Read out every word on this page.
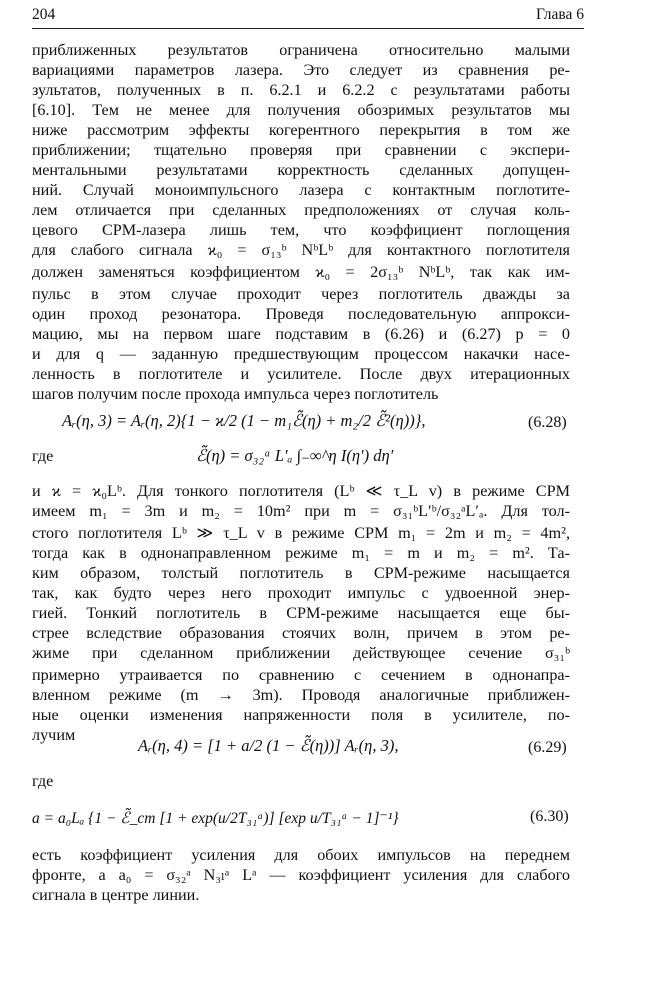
204	Глава 6
приближенных результатов ограничена относительно малыми
вариациями параметров лазера. Это следует из сравнения ре-
зультатов, полученных в п. 6.2.1 и 6.2.2 с результатами работы
[6.10]. Тем не менее для получения обозримых результатов мы
ниже рассмотрим эффекты когерентного перекрытия в том же
приближении; тщательно проверяя при сравнении с экспери-
ментальными результатами корректность сделанных допущен-
ний. Случай моноимпульсного лазера с контактным поглотите-
лем отличается при сделанных предположениях от случая коль-
цевого CPM-лазера лишь тем, что коэффициент поглощения
для слабого сигнала ϰ₀ = σ₁₃ᵇ NᵇLᵇ для контактного поглотителя
должен заменяться коэффициентом ϰ₀ = 2σ₁₃ᵇ NᵇLᵇ, так как им-
пульс в этом случае проходит через поглотитель дважды за
один проход резонатора. Проведя последовательную аппрокси-
мацию, мы на первом шаге подставим в (6.26) и (6.27) p = 0
и для q — заданную предшествующим процессом накачки насе-
ленность в поглотителе и усилителе. После двух итерационных
шагов получим после прохода импульса через поглотитель
Aᵣ(η, 3) = Aᵣ(η, 2){1 − ϰ/2 (1 − m₁ℰ̃(η) + m₂/2 ℰ̃²(η))},	(6.28)
где	ℰ̃(η) = σ₃₂ᵃ L′ₐ ∫₋∞^η I(η′) dη′
и ϰ = ϰ₀Lᵇ. Для тонкого поглотителя (Lᵇ ≪ τ_L v) в режиме CPM
имеем m₁ = 3m и m₂ = 10m² при m = σ₃₁ᵇL′ᵇ/σ₃₂ᵃL′ₐ. Для тол-
стого поглотителя Lᵇ ≫ τ_L v в режиме CPM m₁ = 2m и m₂ = 4m²,
тогда как в однонаправленном режиме m₁ = m и m₂ = m². Та-
ким образом, толстый поглотитель в CPM-режиме насыщается
так, как будто через него проходит импульс с удвоенной энер-
гией. Тонкий поглотитель в CPM-режиме насыщается еще бы-
стрее вследствие образования стоячих волн, причем в этом ре-
жиме при сделанном приближении действующее сечение σ₃₁ᵇ
примерно утраивается по сравнению с сечением в однонапра-
вленном режиме (m → 3m). Проводя аналогичные приближен-
ные оценки изменения напряженности поля в усилителе, по-
лучим
Aᵣ(η, 4) = [1 + a/2 (1 − ℰ̃(η))] Aᵣ(η, 3),	(6.29)
где
a = a₀Lₐ {1 − ℰ̃_ст [1 + exp(u/2T₃₁ᵃ)] [exp u/T₃₁ᵃ − 1]⁻¹}	(6.30)
есть коэффициент усиления для обоих импульсов на переднем
фронте, а a₀ = σ₃₂ᵃ N₃ₗᵃ Lᵃ — коэффициент усиления для слабого
сигнала в центре линии.
